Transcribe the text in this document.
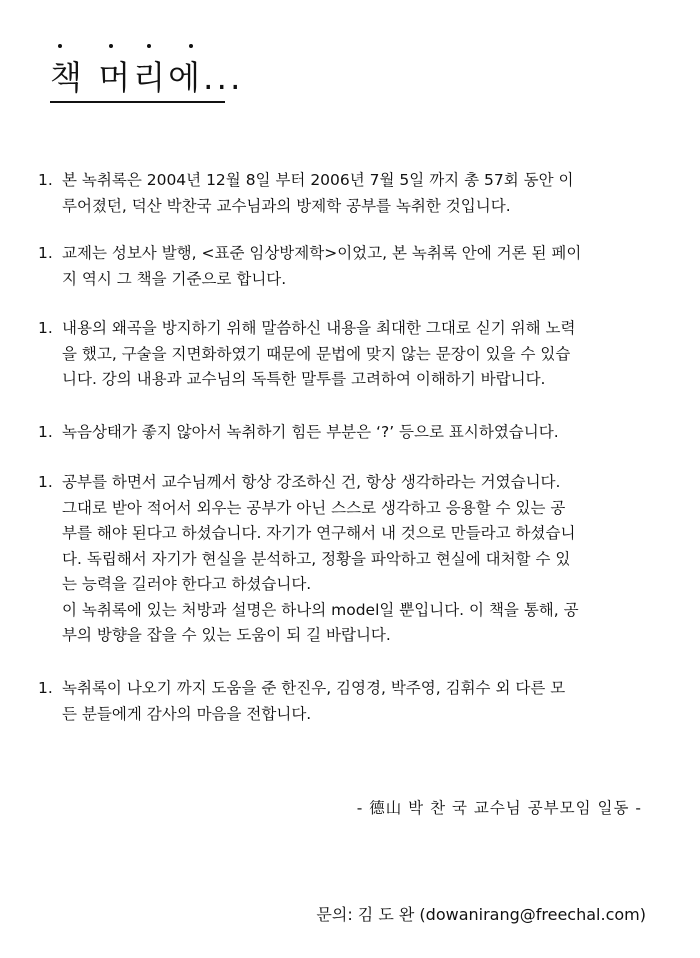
책 머리에...
1. 본 녹취록은 2004년 12월 8일 부터 2006년 7월 5일 까지 총 57회 동안 이
루어졌던, 덕산 박찬국 교수님과의 방제학 공부를 녹취한 것입니다.
1. 교제는 성보사 발행, <표준 임상방제학>이었고, 본 녹취록 안에 거론 된 페이
지 역시 그 책을 기준으로 합니다.
1. 내용의 왜곡을 방지하기 위해 말씀하신 내용을 최대한 그대로 싣기 위해 노력
을 했고, 구술을 지면화하였기 때문에 문법에 맞지 않는 문장이 있을 수 있습
니다. 강의 내용과 교수님의 독특한 말투를 고려하여 이해하기 바랍니다.
1. 녹음상태가 좋지 않아서 녹취하기 힘든 부분은 ‘?’ 등으로 표시하였습니다.
1. 공부를 하면서 교수님께서 항상 강조하신 건, 항상 생각하라는 거였습니다.
그대로 받아 적어서 외우는 공부가 아닌 스스로 생각하고 응용할 수 있는 공
부를 해야 된다고 하셨습니다. 자기가 연구해서 내 것으로 만들라고 하셨습니
다. 독립해서 자기가 현실을 분석하고, 정황을 파악하고 현실에 대처할 수 있
는 능력을 길러야 한다고 하셨습니다.
이 녹취록에 있는 처방과 설명은 하나의 model일 뿐입니다. 이 책을 통해, 공
부의 방향을 잡을 수 있는 도움이 되 길 바랍니다.
1. 녹취록이 나오기 까지 도움을 준 한진우, 김영경, 박주영, 김휘수 외 다른 모
든 분들에게 감사의 마음을 전합니다.
- 德山 박 찬 국 교수님 공부모임 일동 -
문의: 김 도 완 (dowanirang@freechal.com)
